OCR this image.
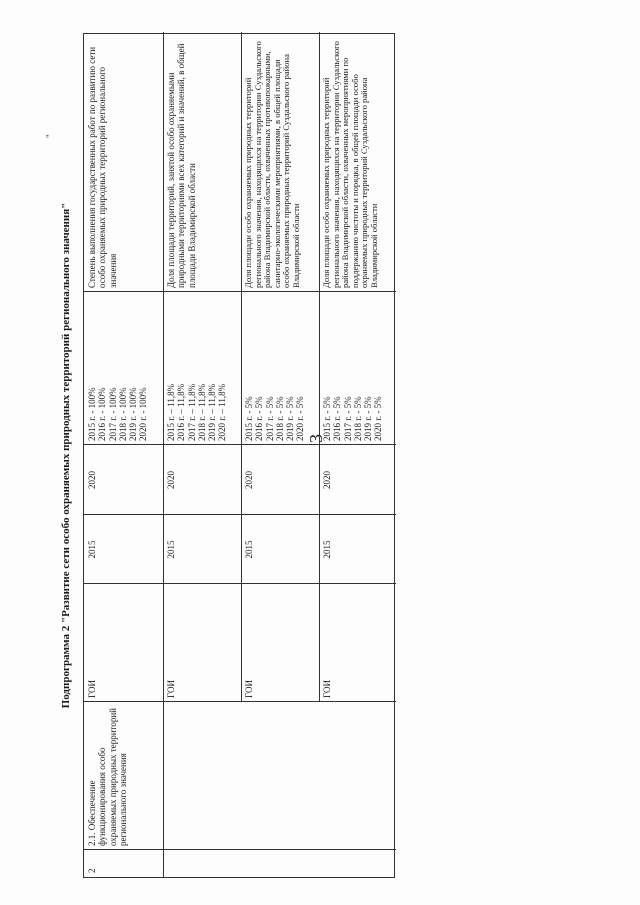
3
Подпрограмма 2 "Развитие сети особо охраняемых природных территорий регионального значения"
"
2
2.1. Обеспечение функционирования особо охраняемых природных территорий регионального значения
ГОИ
2015
2020
2015 г. - 100% 2016 г. - 100% 2017 г. - 100% 2018 г. - 100% 2019 г. - 100% 2020 г. - 100%
Степень выполнения государственных работ по развитию сети особо охраняемых природных территорий регионального значения
ГОИ
2015
2020
2015 г. – 11,8% 2016 г. – 11,8% 2017 г. – 11,8% 2018 г. – 11,8% 2019 г. – 11,8% 2020 г. – 11,8%
Доля площади территорий, занятой особо охраняемыми природными территориями всех категорий и значений, в общей площади Владимирской области
ГОИ
2015
2020
2015 г. - 5% 2016 г. - 5% 2017 г. - 5% 2018 г. - 5% 2019 г. - 5% 2020 г. - 5%
Доля площади особо охраняемых природных территорий регионального значения, находящихся на территории Суздальского района Владимирской области, охваченных противопожарными, санитарно-экологическими мероприятиями, в общей площади особо охраняемых природных территорий Суздальского района Владимирской области
ГОИ
2015
2020
2015 г. - 5% 2016 г. - 5% 2017 г. - 5% 2018 г. - 5% 2019 г. - 5% 2020 г. - 5%
Доля площади особо охраняемых природных территорий регионального значения, находящихся на территории Суздальского района Владимирской области, охваченных мероприятиями по поддержанию чистоты и порядка, в общей площади особо охраняемых природных территорий Суздальского района Владимирской области
